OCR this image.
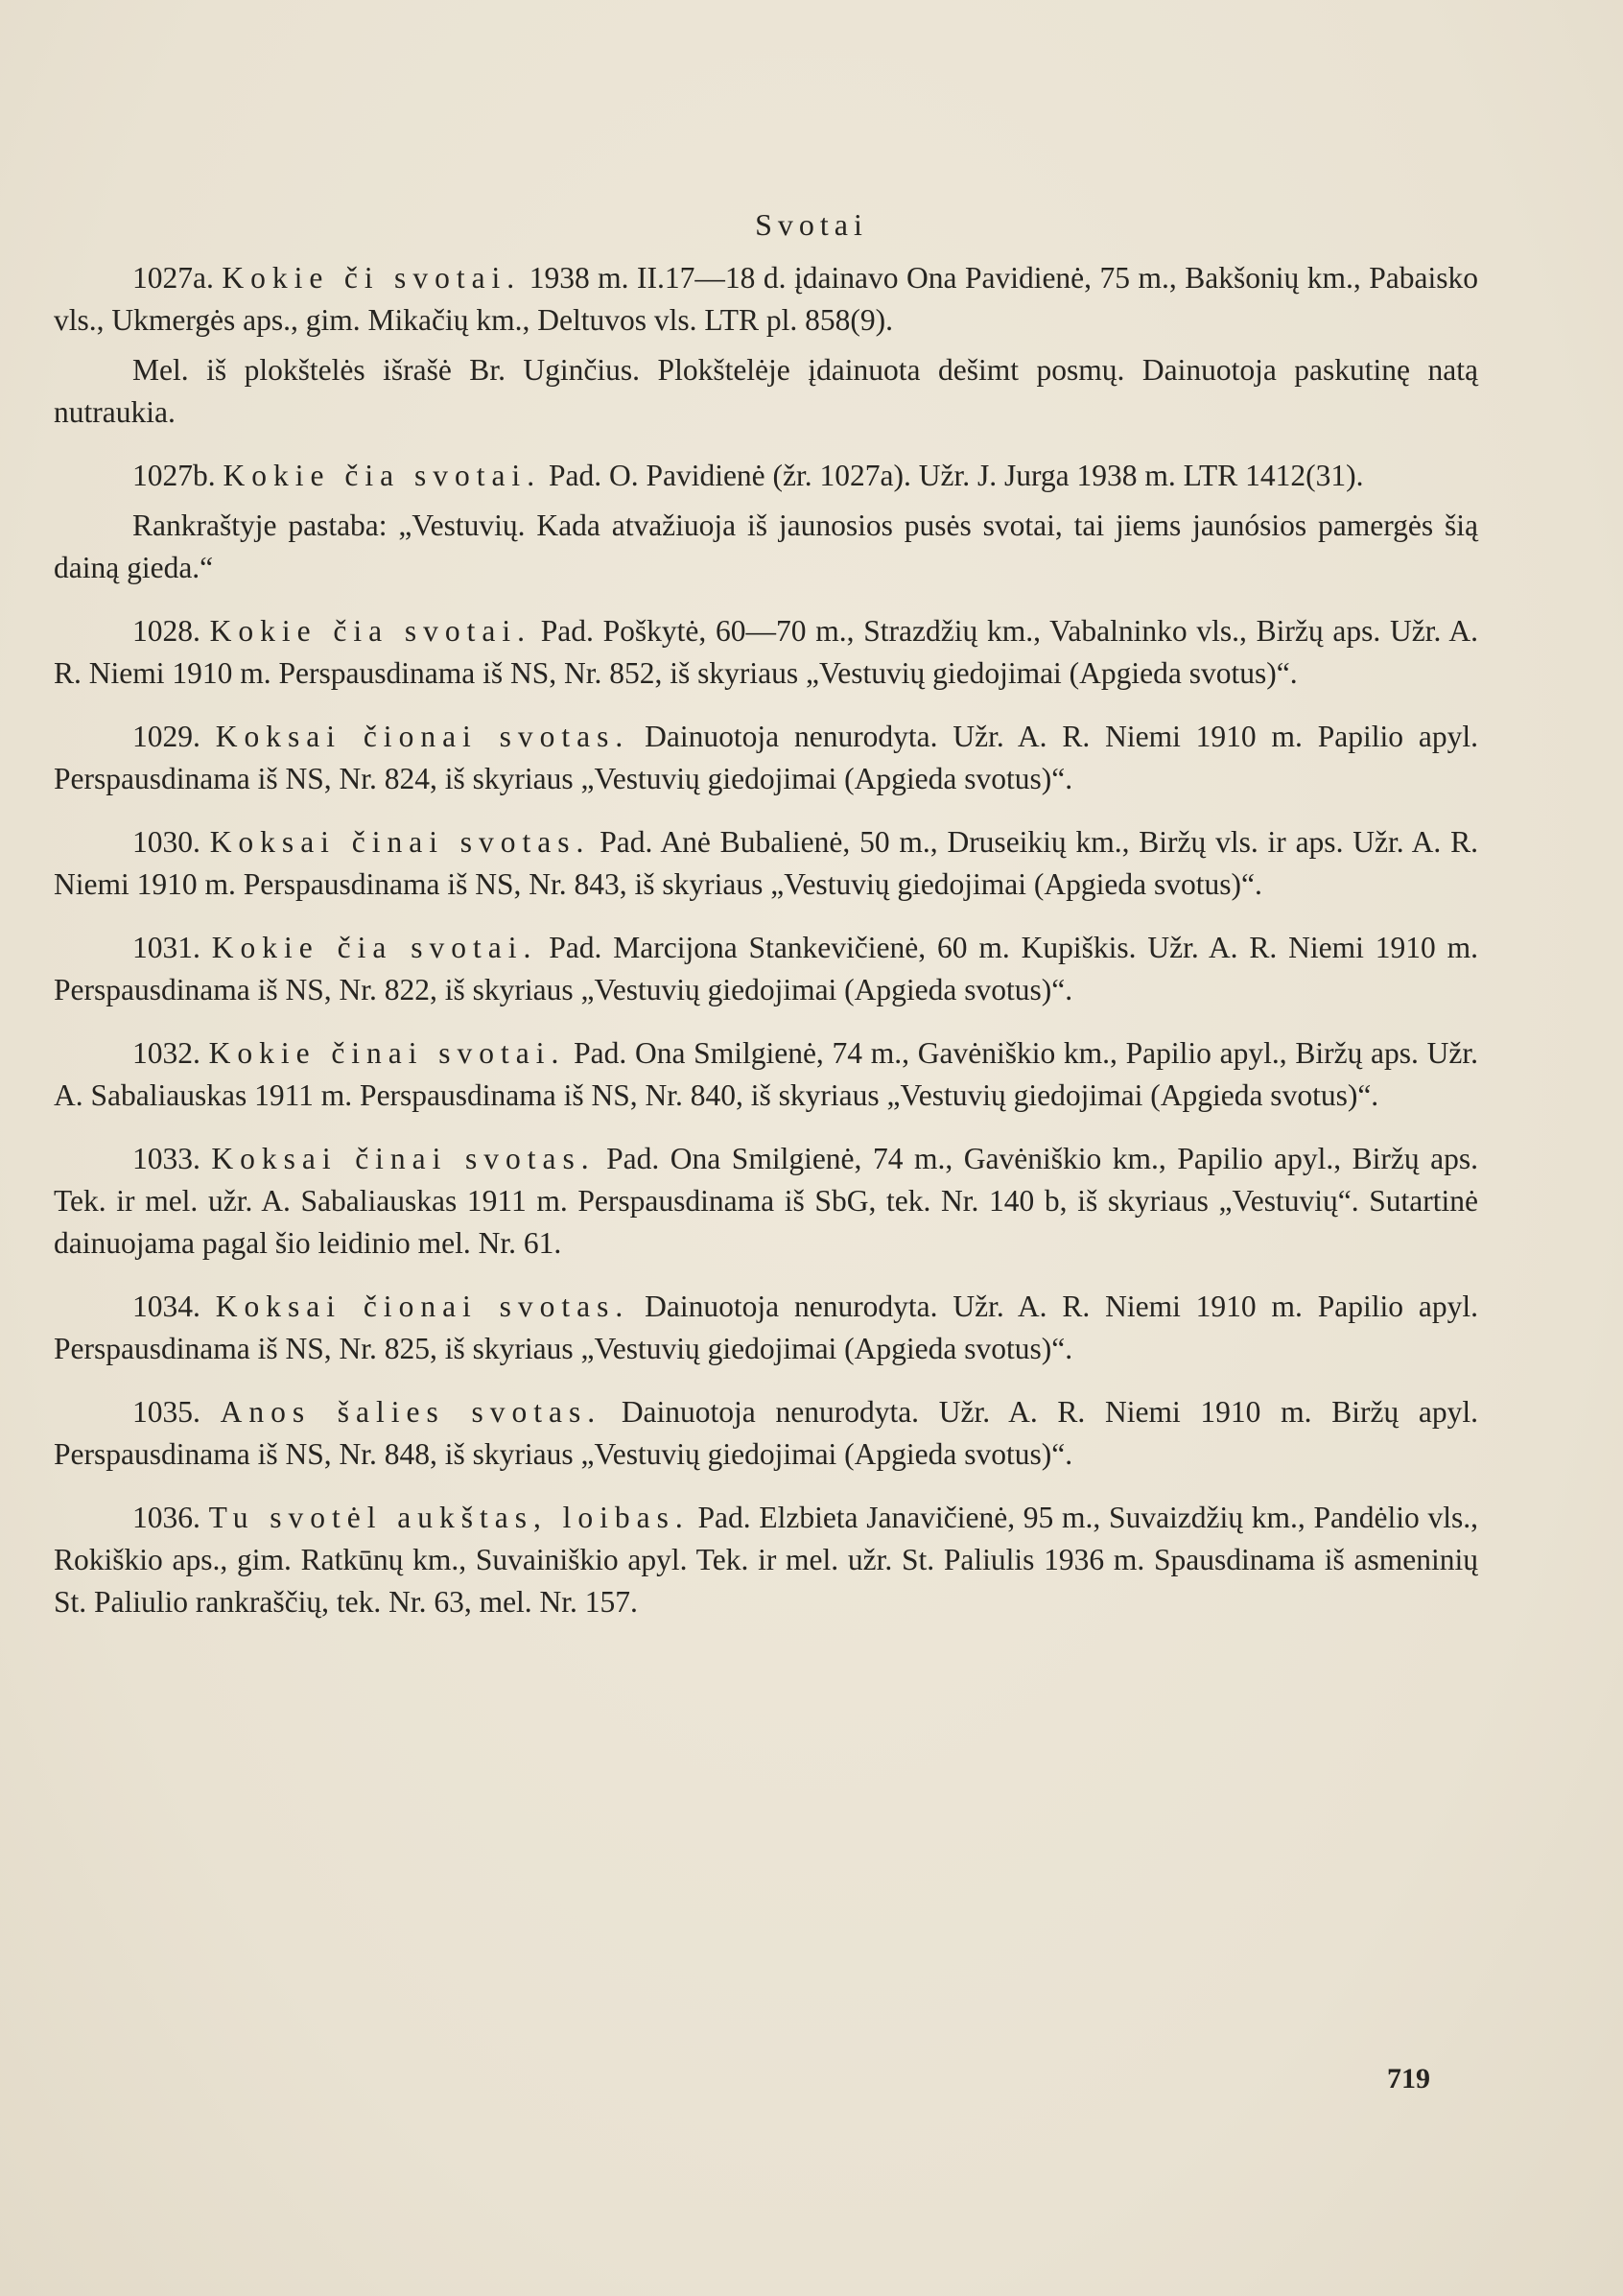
Svotai

1027a. Kokie či svotai. 1938 m. II.17—18 d. įdainavo Ona Pavidienė, 75 m., Bakšonių km., Pabaisko vls., Ukmergės aps., gim. Mikačių km., Deltuvos vls. LTR pl. 858(9).

Mel. iš plokštelės išrašė Br. Uginčius. Plokštelėje įdainuota dešimt posmų. Dainuotoja paskutinę natą nutraukia.

1027b. Kokie čia svotai. Pad. O. Pavidienė (žr. 1027a). Užr. J. Jurga 1938 m. LTR 1412(31).

Rankraštyje pastaba: „Vestuvių. Kada atvažiuoja iš jaunosios pusės svotai, tai jiems jaunósios pamergės šią dainą gieda.“

1028. Kokie čia svotai. Pad. Poškytė, 60—70 m., Strazdžių km., Vabalninko vls., Biržų aps. Užr. A. R. Niemi 1910 m. Perspausdinama iš NS, Nr. 852, iš skyriaus „Vestuvių giedojimai (Apgieda svotus)“.

1029. Koksai čionai svotas. Dainuotoja nenurodyta. Užr. A. R. Niemi 1910 m. Papilio apyl. Perspausdinama iš NS, Nr. 824, iš skyriaus „Vestuvių giedojimai (Apgieda svotus)“.

1030. Koksai činai svotas. Pad. Anė Bubalienė, 50 m., Druseikių km., Biržų vls. ir aps. Užr. A. R. Niemi 1910 m. Perspausdinama iš NS, Nr. 843, iš skyriaus „Vestuvių giedojimai (Apgieda svotus)“.

1031. Kokie čia svotai. Pad. Marcijona Stankevičienė, 60 m. Kupiškis. Užr. A. R. Niemi 1910 m. Perspausdinama iš NS, Nr. 822, iš skyriaus „Vestuvių giedojimai (Apgieda svotus)“.

1032. Kokie činai svotai. Pad. Ona Smilgienė, 74 m., Gavėniškio km., Papilio apyl., Biržų aps. Užr. A. Sabaliauskas 1911 m. Perspausdinama iš NS, Nr. 840, iš skyriaus „Vestuvių giedojimai (Apgieda svotus)“.

1033. Koksai činai svotas. Pad. Ona Smilgienė, 74 m., Gavėniškio km., Papilio apyl., Biržų aps. Tek. ir mel. užr. A. Sabaliauskas 1911 m. Perspausdinama iš SbG, tek. Nr. 140 b, iš skyriaus „Vestuvių“. Sutartinė dainuojama pagal šio leidinio mel. Nr. 61.

1034. Koksai čionai svotas. Dainuotoja nenurodyta. Užr. A. R. Niemi 1910 m. Papilio apyl. Perspausdinama iš NS, Nr. 825, iš skyriaus „Vestuvių giedojimai (Apgieda svotus)“.

1035. Anos šalies svotas. Dainuotoja nenurodyta. Užr. A. R. Niemi 1910 m. Biržų apyl. Perspausdinama iš NS, Nr. 848, iš skyriaus „Vestuvių giedojimai (Apgieda svotus)“.

1036. Tu svotėl aukštas, loibas. Pad. Elzbieta Janavičienė, 95 m., Suvaizdžių km., Pandėlio vls., Rokiškio aps., gim. Ratkūnų km., Suvainiškio apyl. Tek. ir mel. užr. St. Paliulis 1936 m. Spausdinama iš asmeninių St. Paliulio rankraščių, tek. Nr. 63, mel. Nr. 157.

719
